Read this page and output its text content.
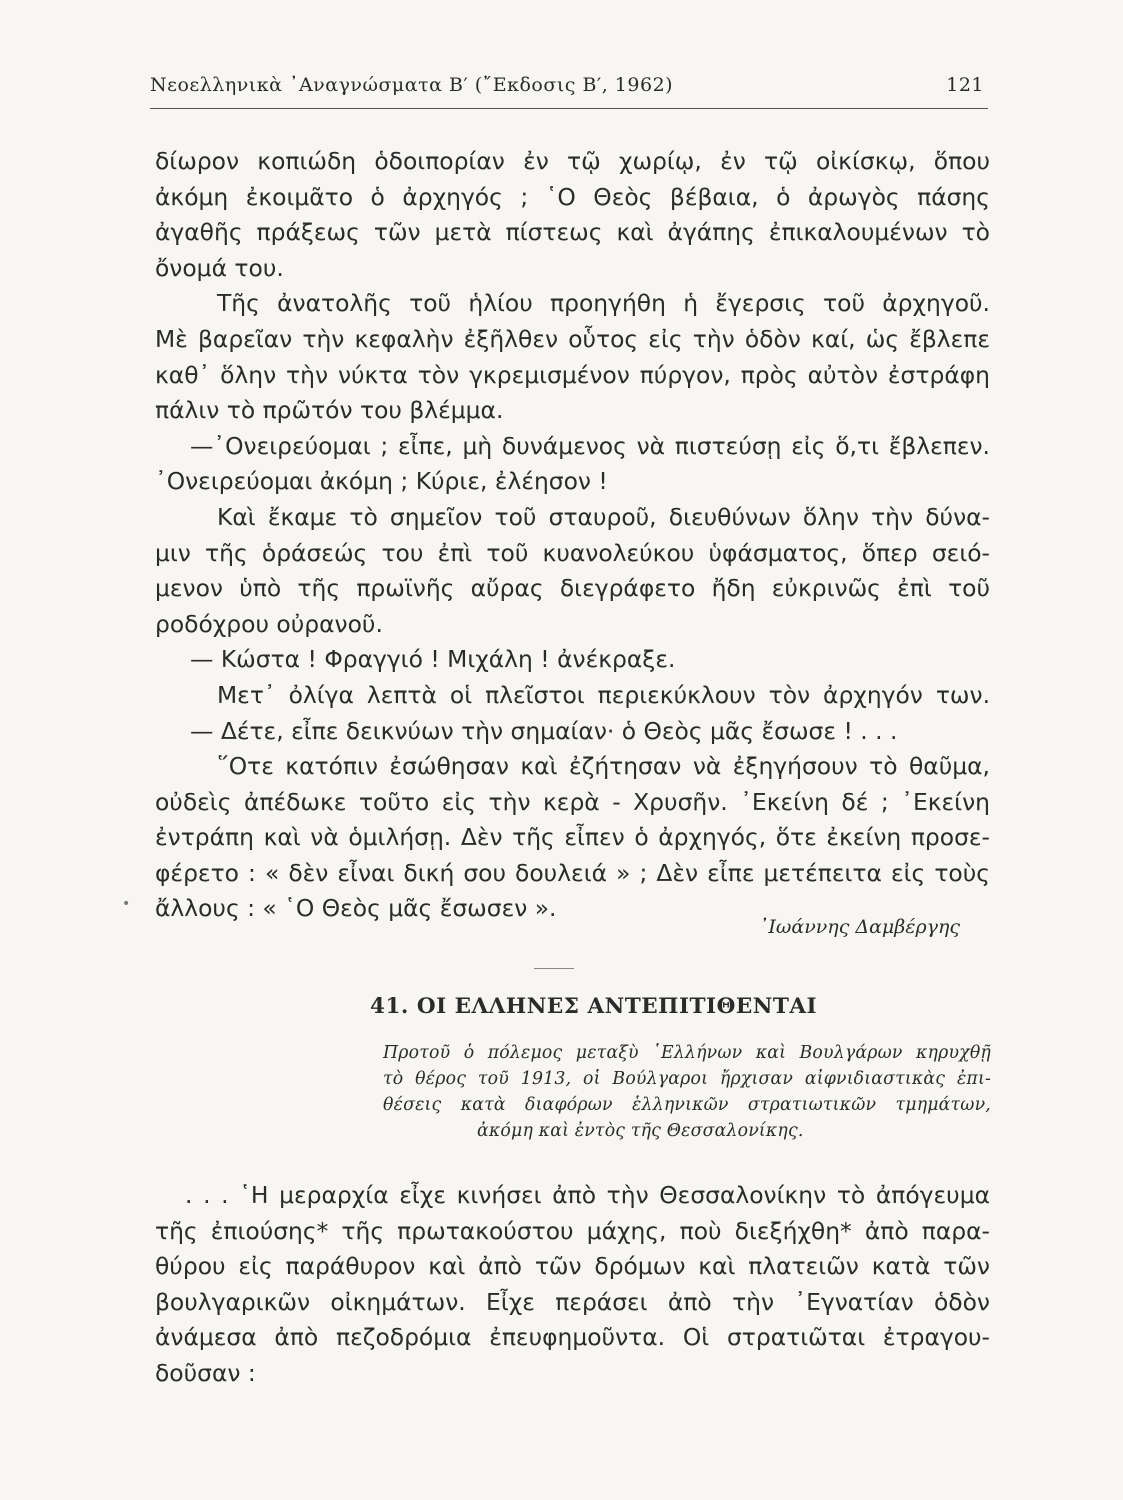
Νεοελληνικὰ ᾿Αναγνώσματα Β′ (῎Εκδοσις Β′, 1962)	121
δίωρον κοπιώδη ὁδοιπορίαν ἐν τῷ χωρίῳ, ἐν τῷ οἰκίσκῳ, ὅπου
ἀκόμη ἐκοιμᾶτο ὁ ἀρχηγός ; ῾Ο Θεὸς βέβαια, ὁ ἀρωγὸς πάσης
ἀγαθῆς πράξεως τῶν μετὰ πίστεως καὶ ἀγάπης ἐπικαλουμένων τὸ
ὄνομά του.
Τῆς ἀνατολῆς τοῦ ἡλίου προηγήθη ἡ ἔγερσις τοῦ ἀρχηγοῦ.
Μὲ βαρεῖαν τὴν κεφαλὴν ἐξῆλθεν οὗτος εἰς τὴν ὁδὸν καί, ὡς ἔβλεπε
καθ᾿ ὅλην τὴν νύκτα τὸν γκρεμισμένον πύργον, πρὸς αὐτὸν ἐστράφη
πάλιν τὸ πρῶτόν του βλέμμα.
—᾿Ονειρεύομαι ; εἶπε, μὴ δυνάμενος νὰ πιστεύσῃ εἰς ὅ,τι ἔβλεπεν.
᾿Ονειρεύομαι ἀκόμη ; Κύριε, ἐλέησον !
Καὶ ἔκαμε τὸ σημεῖον τοῦ σταυροῦ, διευθύνων ὅλην τὴν δύνα-
μιν τῆς ὁράσεώς του ἐπὶ τοῦ κυανολεύκου ὑφάσματος, ὅπερ σειό-
μενον ὑπὸ τῆς πρωϊνῆς αὔρας διεγράφετο ἤδη εὐκρινῶς ἐπὶ τοῦ
ροδόχρου οὐρανοῦ.
— Κώστα ! Φραγγιό ! Μιχάλη ! ἀνέκραξε.
Μετ᾿ ὀλίγα λεπτὰ οἱ πλεῖστοι περιεκύκλουν τὸν ἀρχηγόν των.
— Δέτε, εἶπε δεικνύων τὴν σημαίαν· ὁ Θεὸς μᾶς ἔσωσε ! . . .
῞Οτε κατόπιν ἐσώθησαν καὶ ἐζήτησαν νὰ ἐξηγήσουν τὸ θαῦμα,
οὐδεὶς ἀπέδωκε τοῦτο εἰς τὴν κερὰ - Χρυσῆν. ᾿Εκείνη δέ ; ᾿Εκείνη
ἐντράπη καὶ νὰ ὁμιλήσῃ. Δὲν τῆς εἶπεν ὁ ἀρχηγός, ὅτε ἐκείνη προσε-
φέρετο : « δὲν εἶναι δική σου δουλειά » ; Δὲν εἶπε μετέπειτα εἰς τοὺς
ἄλλους : « ῾Ο Θεὸς μᾶς ἔσωσεν ».
᾿Ιωάννης Δαμβέργης
41. ΟΙ ΕΛΛΗΝΕΣ ΑΝΤΕΠΙΤΙΘΕΝΤΑΙ
Προτοῦ ὁ πόλεμος μεταξὺ ῾Ελλήνων καὶ Βουλγάρων κηρυχθῇ
τὸ θέρος τοῦ 1913, οἱ Βούλγαροι ἤρχισαν αἰφνιδιαστικὰς ἐπι-
θέσεις κατὰ διαφόρων ἑλληνικῶν στρατιωτικῶν τμημάτων,
ἀκόμη καὶ ἐντὸς τῆς Θεσσαλονίκης.
. . . ῾Η μεραρχία εἶχε κινήσει ἀπὸ τὴν Θεσσαλονίκην τὸ ἀπόγευμα
τῆς ἐπιούσης* τῆς πρωτακούστου μάχης, ποὺ διεξήχθη* ἀπὸ παρα-
θύρου εἰς παράθυρον καὶ ἀπὸ τῶν δρόμων καὶ πλατειῶν κατὰ τῶν
βουλγαρικῶν οἰκημάτων. Εἶχε περάσει ἀπὸ τὴν ᾿Εγνατίαν ὁδὸν
ἀνάμεσα ἀπὸ πεζοδρόμια ἐπευφημοῦντα. Οἱ στρατιῶται ἐτραγου-
δοῦσαν :
•
